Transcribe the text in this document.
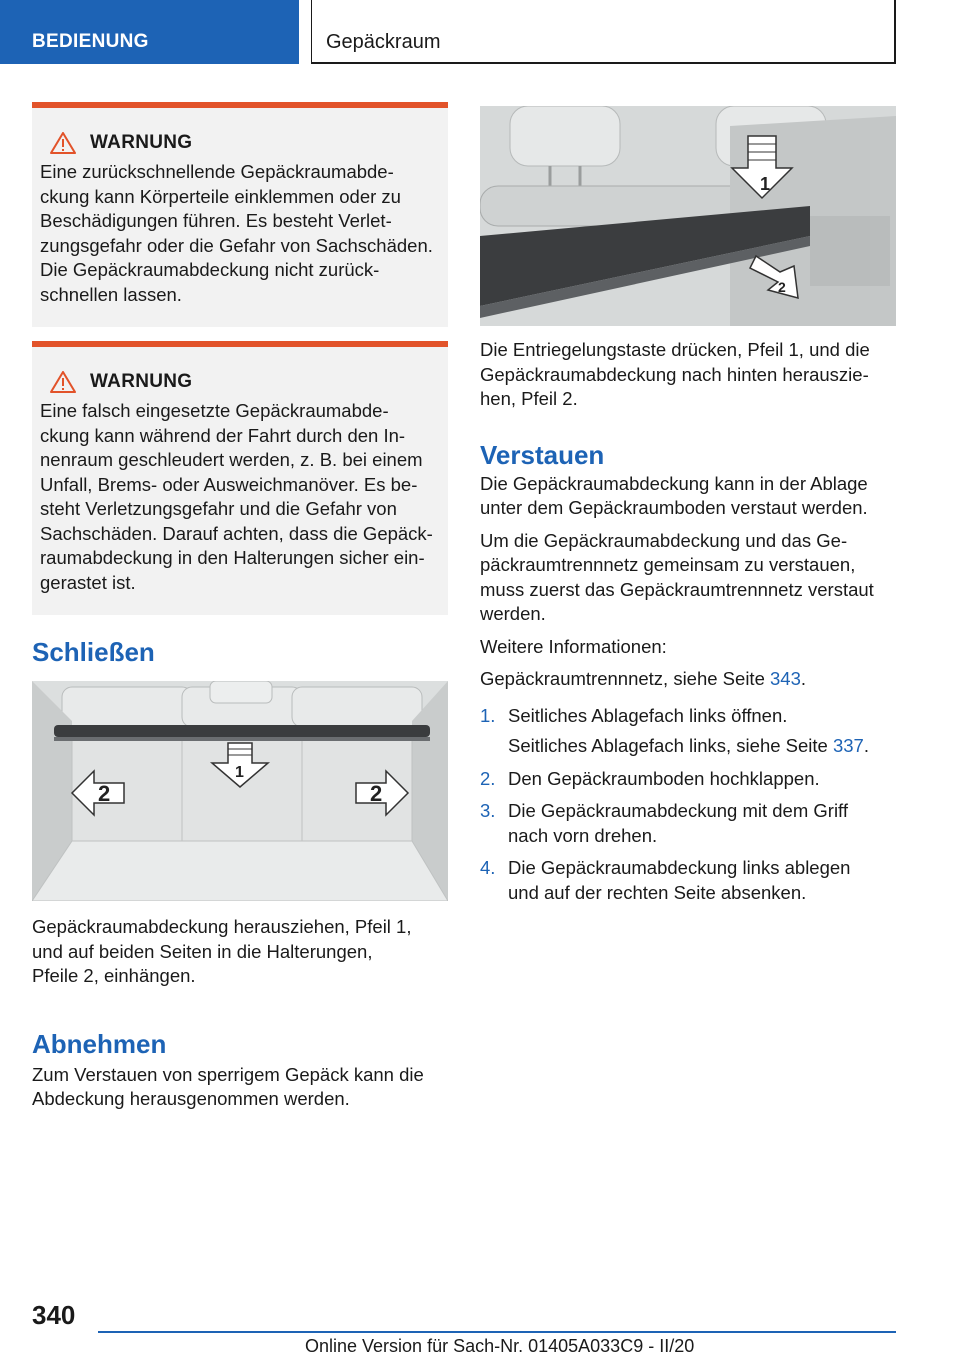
BEDIENUNG	Gepäckraum
WARNUNG
Eine zurückschnellende Gepäckraumabde-
ckung kann Körperteile einklemmen oder zu
Beschädigungen führen. Es besteht Verlet-
zungsgefahr oder die Gefahr von Sachschäden.
Die Gepäckraumabdeckung nicht zurück-
schnellen lassen.
WARNUNG
Eine falsch eingesetzte Gepäckraumabde-
ckung kann während der Fahrt durch den In-
nenraum geschleudert werden, z. B. bei einem
Unfall, Brems- oder Ausweichmanöver. Es be-
steht Verletzungsgefahr und die Gefahr von
Sachschäden. Darauf achten, dass die Gepäck-
raumabdeckung in den Halterungen sicher ein-
gerastet ist.
Schließen
2	2
1

Gepäckraumabdeckung herausziehen, Pfeil 1,

und auf beiden Seiten in die Halterungen,

Pfeile 2, einhängen.

Abnehmen

Zum Verstauen von sperrigem Gepäck kann die

Abdeckung herausgenommen werden.

1
2

Die Entriegelungstaste drücken, Pfeil 1, und die

Gepäckraumabdeckung nach hinten herauszie-

hen, Pfeil 2.

Verstauen

Die Gepäckraumabdeckung kann in der Ablage

unter dem Gepäckraumboden verstaut werden.

Um die Gepäckraumabdeckung und das Ge-

päckraumtrennnetz gemeinsam zu verstauen,

muss zuerst das Gepäckraumtrennnetz verstaut

werden.

Weitere Informationen:

Gepäckraumtrennnetz, siehe Seite 343.

1. Seitliches Ablagefach links öffnen.
Seitliches Ablagefach links, siehe Seite 337.
2. Den Gepäckraumboden hochklappen.
3. Die Gepäckraumabdeckung mit dem Griff
nach vorn drehen.
4. Die Gepäckraumabdeckung links ablegen
und auf der rechten Seite absenken.
340
Online Version für Sach-Nr. 01405A033C9 - II/20
